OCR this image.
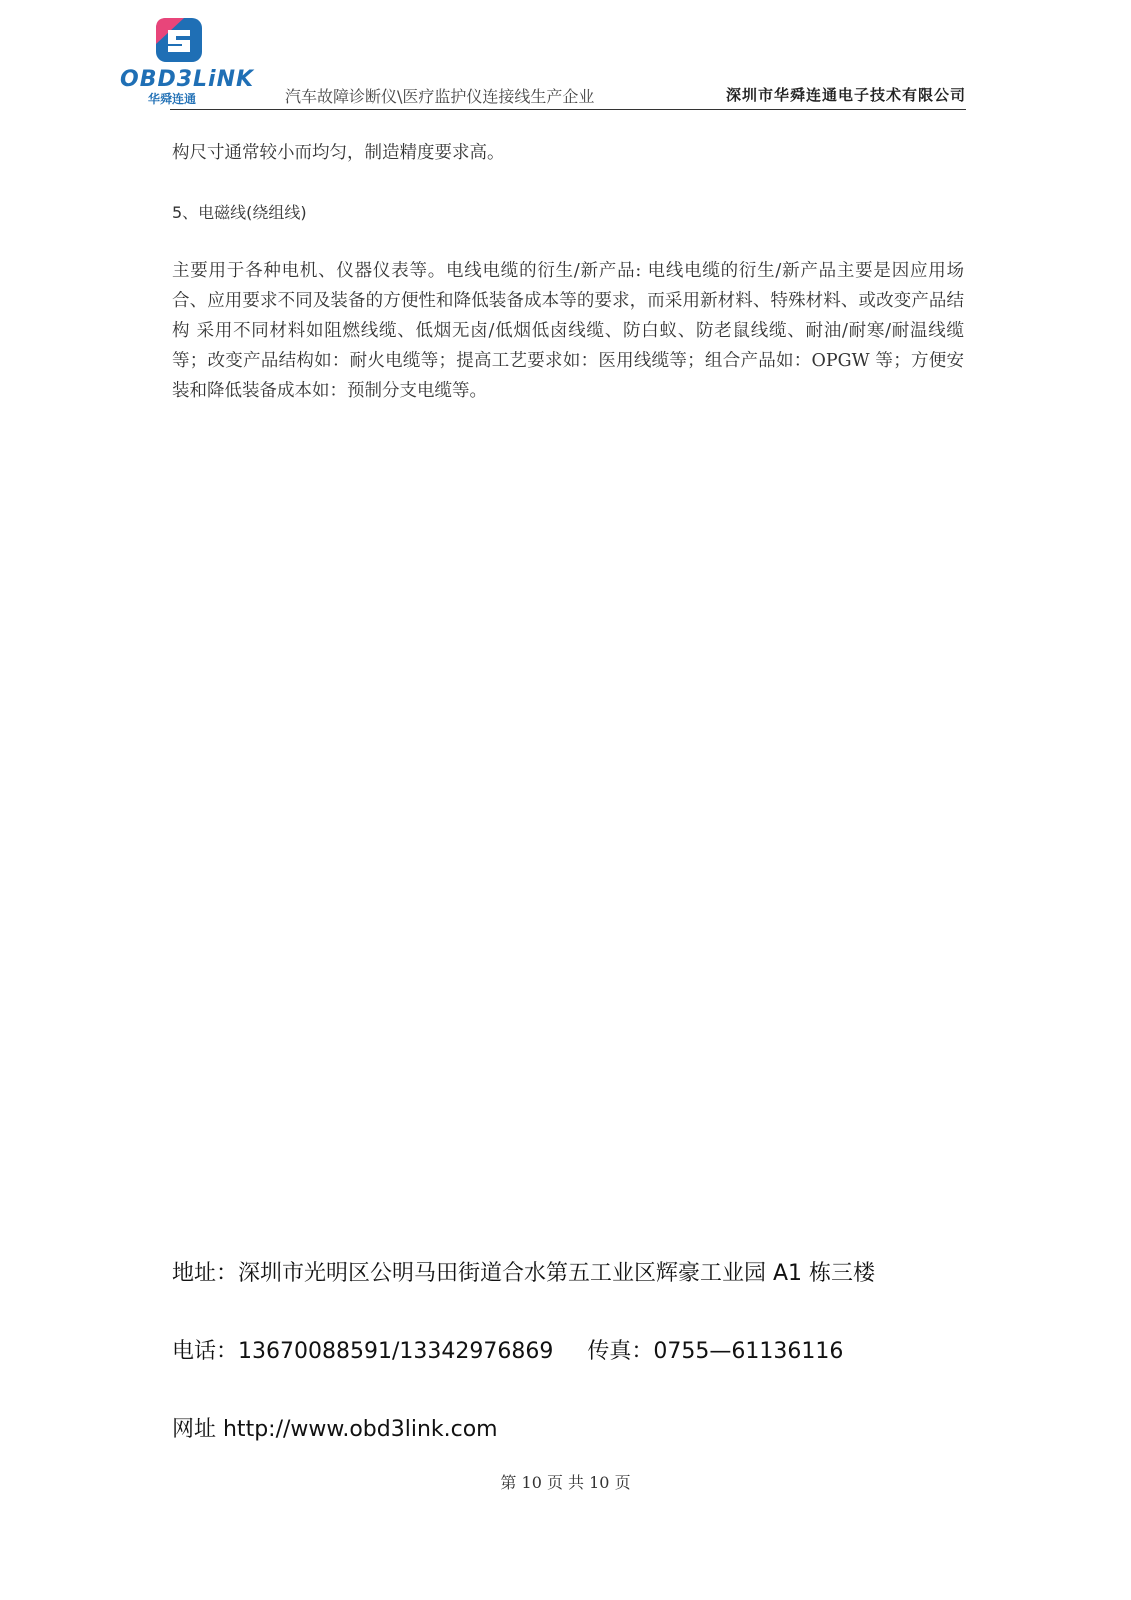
OBD3LiNK
华舜连通	汽车故障诊断仪\医疗监护仪连接线生产企业	深圳市华舜连通电子技术有限公司
构尺寸通常较小而均匀，制造精度要求高。
5、电磁线(绕组线)
主要用于各种电机、仪器仪表等。电线电缆的衍生/新产品: 电线电缆的衍生/新产品主要是因应用场合、应用要求不同及装备的方便性和降低装备成本等的要求，而采用新材料、特殊材料、或改变产品结构 采用不同材料如阻燃线缆、低烟无卤/低烟低卤线缆、防白蚁、防老鼠线缆、耐油/耐寒/耐温线缆等；改变产品结构如：耐火电缆等；提高工艺要求如：医用线缆等；组合产品如：OPGW 等；方便安装和降低装备成本如：预制分支电缆等。
地址：深圳市光明区公明马田街道合水第五工业区辉豪工业园 A1 栋三楼
电话：13670088591/13342976869 传真：0755—61136116
网址 http://www.obd3link.com
第 10 页 共 10 页
